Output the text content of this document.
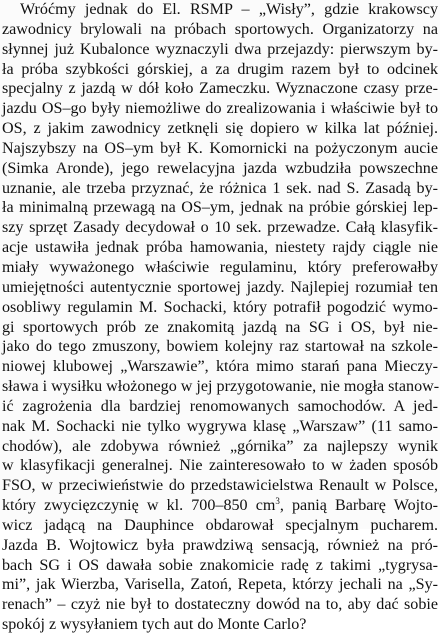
Wróćmy jednak do El. RSMP – „Wisły”, gdzie krakowscy
zawodnicy brylowali na próbach sportowych. Organizatorzy na
słynnej już Kubalonce wyznaczyli dwa przejazdy: pierwszym by-
ła próba szybkości górskiej, a za drugim razem był to odcinek
specjalny z jazdą w dół koło Zameczku. Wyznaczone czasy prze-
jazdu OS–go były niemożliwe do zrealizowania i właściwie był to
OS, z jakim zawodnicy zetknęli się dopiero w kilka lat później.
Najszybszy na OS–ym był K. Komornicki na pożyczonym aucie
(Simka Aronde), jego rewelacyjna jazda wzbudziła powszechne
uznanie, ale trzeba przyznać, że różnica 1 sek. nad S. Zasadą by-
ła minimalną przewagą na OS–ym, jednak na próbie górskiej lep-
szy sprzęt Zasady decydował o 10 sek. przewadze. Całą klasyfik-
acje ustawiła jednak próba hamowania, niestety rajdy ciągle nie
miały wyważonego właściwie regulaminu, który preferowałby
umiejętności autentycznie sportowej jazdy. Najlepiej rozumiał ten
osobliwy regulamin M. Sochacki, który potrafił pogodzić wymo-
gi sportowych prób ze znakomitą jazdą na SG i OS, był nie-
jako do tego zmuszony, bowiem kolejny raz startował na szkole-
niowej klubowej „Warszawie”, która mimo starań pana Mieczy-
sława i wysiłku włożonego w jej przygotowanie, nie mogła stanow-
ić zagrożenia dla bardziej renomowanych samochodów. A jed-
nak M. Sochacki nie tylko wygrywa klasę „Warszaw” (11 samo-
chodów), ale zdobywa również „górnika” za najlepszy wynik
w klasyfikacji generalnej. Nie zainteresowało to w żaden sposób
FSO, w przeciwieństwie do przedstawicielstwa Renault w Polsce,
który zwycięzczynię w kl. 700–850 $cm^3$, panią Barbarę Wojto-
wicz jadącą na Dauphince obdarował specjalnym pucharem.
Jazda B. Wojtowicz była prawdziwą sensacją, również na pró-
bach SG i OS dawała sobie znakomicie radę z takimi „tygrysa-
mi”, jak Wierzba, Varisella, Zatoń, Repeta, którzy jechali na „Sy-
renach” – czyż nie był to dostateczny dowód na to, aby dać sobie
spokój z wysyłaniem tych aut do Monte Carlo?
